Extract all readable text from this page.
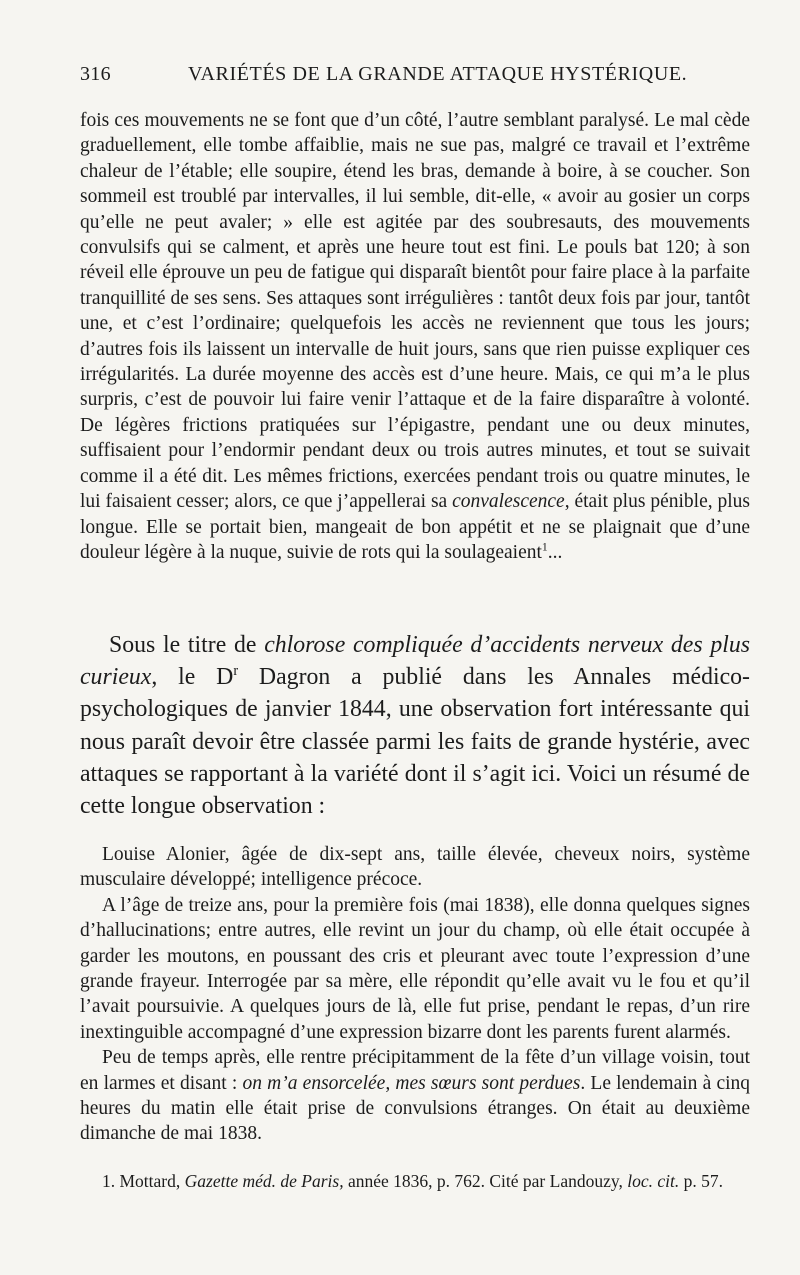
316	VARIÉTÉS DE LA GRANDE ATTAQUE HYSTÉRIQUE.

fois ces mouvements ne se font que d’un côté, l’autre semblant paralysé. Le mal cède graduellement, elle tombe affaiblie, mais ne sue pas, malgré ce travail et l’extrême chaleur de l’étable; elle soupire, étend les bras, demande à boire, à se coucher. Son sommeil est troublé par intervalles, il lui semble, dit-elle, « avoir au gosier un corps qu’elle ne peut avaler; » elle est agitée par des soubresauts, des mouvements convulsifs qui se calment, et après une heure tout est fini. Le pouls bat 120; à son réveil elle éprouve un peu de fatigue qui disparaît bientôt pour faire place à la parfaite tranquillité de ses sens. Ses attaques sont irrégulières : tantôt deux fois par jour, tantôt une, et c’est l’ordinaire; quelquefois les accès ne reviennent que tous les jours; d’autres fois ils laissent un intervalle de huit jours, sans que rien puisse expliquer ces irrégularités. La durée moyenne des accès est d’une heure. Mais, ce qui m’a le plus surpris, c’est de pouvoir lui faire venir l’attaque et de la faire disparaître à volonté. De légères frictions pratiquées sur l’épigastre, pendant une ou deux minutes, suffisaient pour l’endormir pendant deux ou trois autres minutes, et tout se suivait comme il a été dit. Les mêmes frictions, exercées pendant trois ou quatre minutes, le lui faisaient cesser; alors, ce que j’appellerai sa convalescence, était plus pénible, plus longue. Elle se portait bien, mangeait de bon appétit et ne se plaignait que d’une douleur légère à la nuque, suivie de rots qui la soulageaient$^1$...

Sous le titre de chlorose compliquée d’accidents nerveux des plus curieux, le $D^r$ Dagron a publié dans les Annales médico-psychologiques de janvier 1844, une observation fort intéressante qui nous paraît devoir être classée parmi les faits de grande hystérie, avec attaques se rapportant à la variété dont il s’agit ici. Voici un résumé de cette longue observation :

Louise Alonier, âgée de dix-sept ans, taille élevée, cheveux noirs, système musculaire développé; intelligence précoce.

A l’âge de treize ans, pour la première fois (mai 1838), elle donna quelques signes d’hallucinations; entre autres, elle revint un jour du champ, où elle était occupée à garder les moutons, en poussant des cris et pleurant avec toute l’expression d’une grande frayeur. Interrogée par sa mère, elle répondit qu’elle avait vu le fou et qu’il l’avait poursuivie. A quelques jours de là, elle fut prise, pendant le repas, d’un rire inextinguible accompagné d’une expression bizarre dont les parents furent alarmés.

Peu de temps après, elle rentre précipitamment de la fête d’un village voisin, tout en larmes et disant : on m’a ensorcelée, mes sœurs sont perdues. Le lendemain à cinq heures du matin elle était prise de convulsions étranges. On était au deuxième dimanche de mai 1838.

1. Mottard, Gazette méd. de Paris, année 1836, p. 762. Cité par Landouzy, loc. cit. p. 57.
